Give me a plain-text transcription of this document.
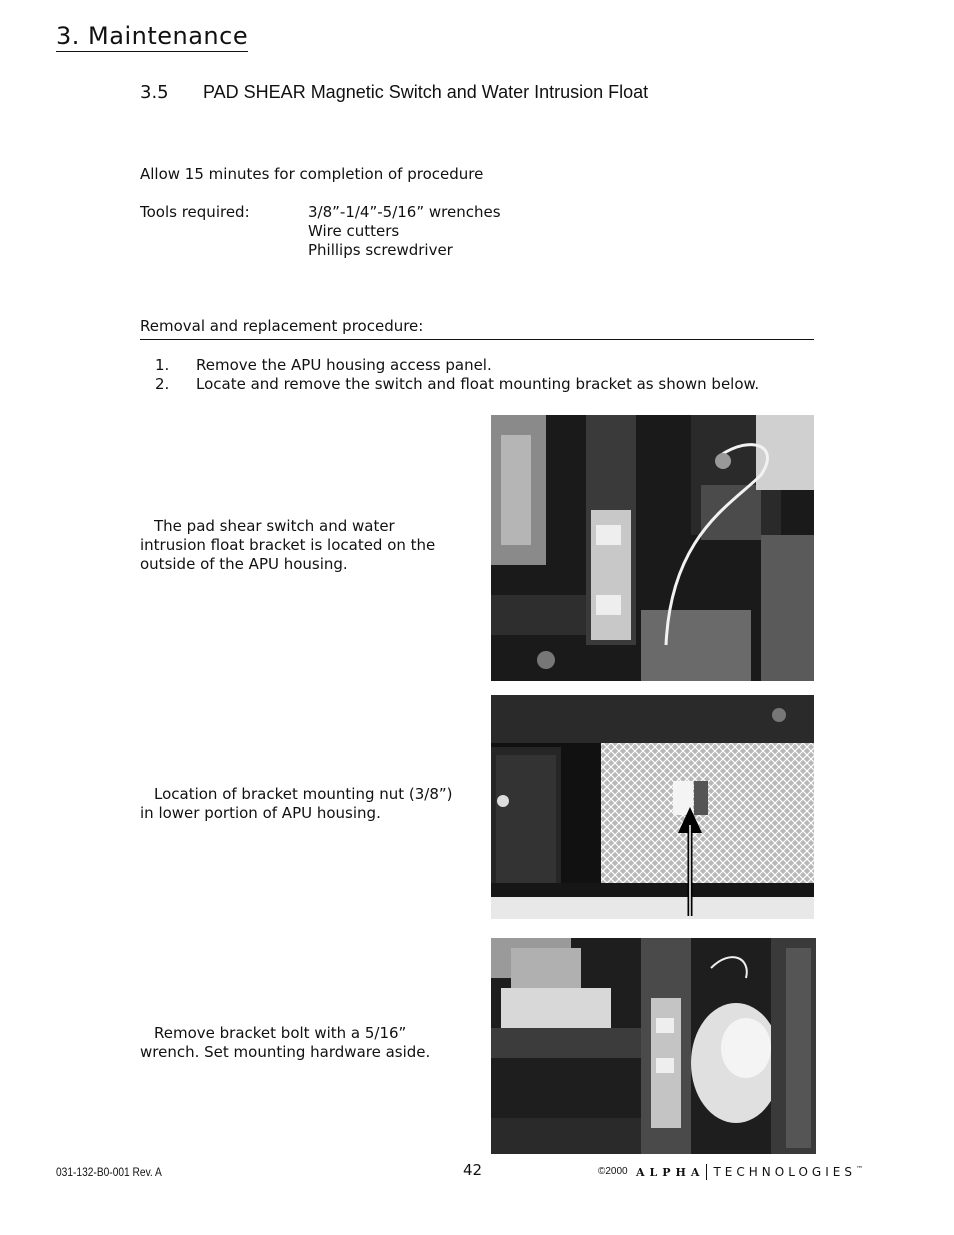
3. Maintenance
3.5 PAD SHEAR Magnetic Switch and Water Intrusion Float
Allow 15 minutes for completion of procedure
Tools required:	3/8”-1/4”-5/16” wrenches
Wire cutters
Phillips screwdriver
Removal and replacement procedure:
1. Remove the APU housing access panel.
2. Locate and remove the switch and float mounting bracket as shown below.
The pad shear switch and water
intrusion float bracket is located on the
outside of the APU housing.
Location of bracket mounting nut (3/8”)
in lower portion of APU housing.
Remove bracket bolt with a 5/16”
wrench. Set mounting hardware aside.
031-132-B0-001 Rev. A	42	©2000 ALPHA TECHNOLOGIES ™
